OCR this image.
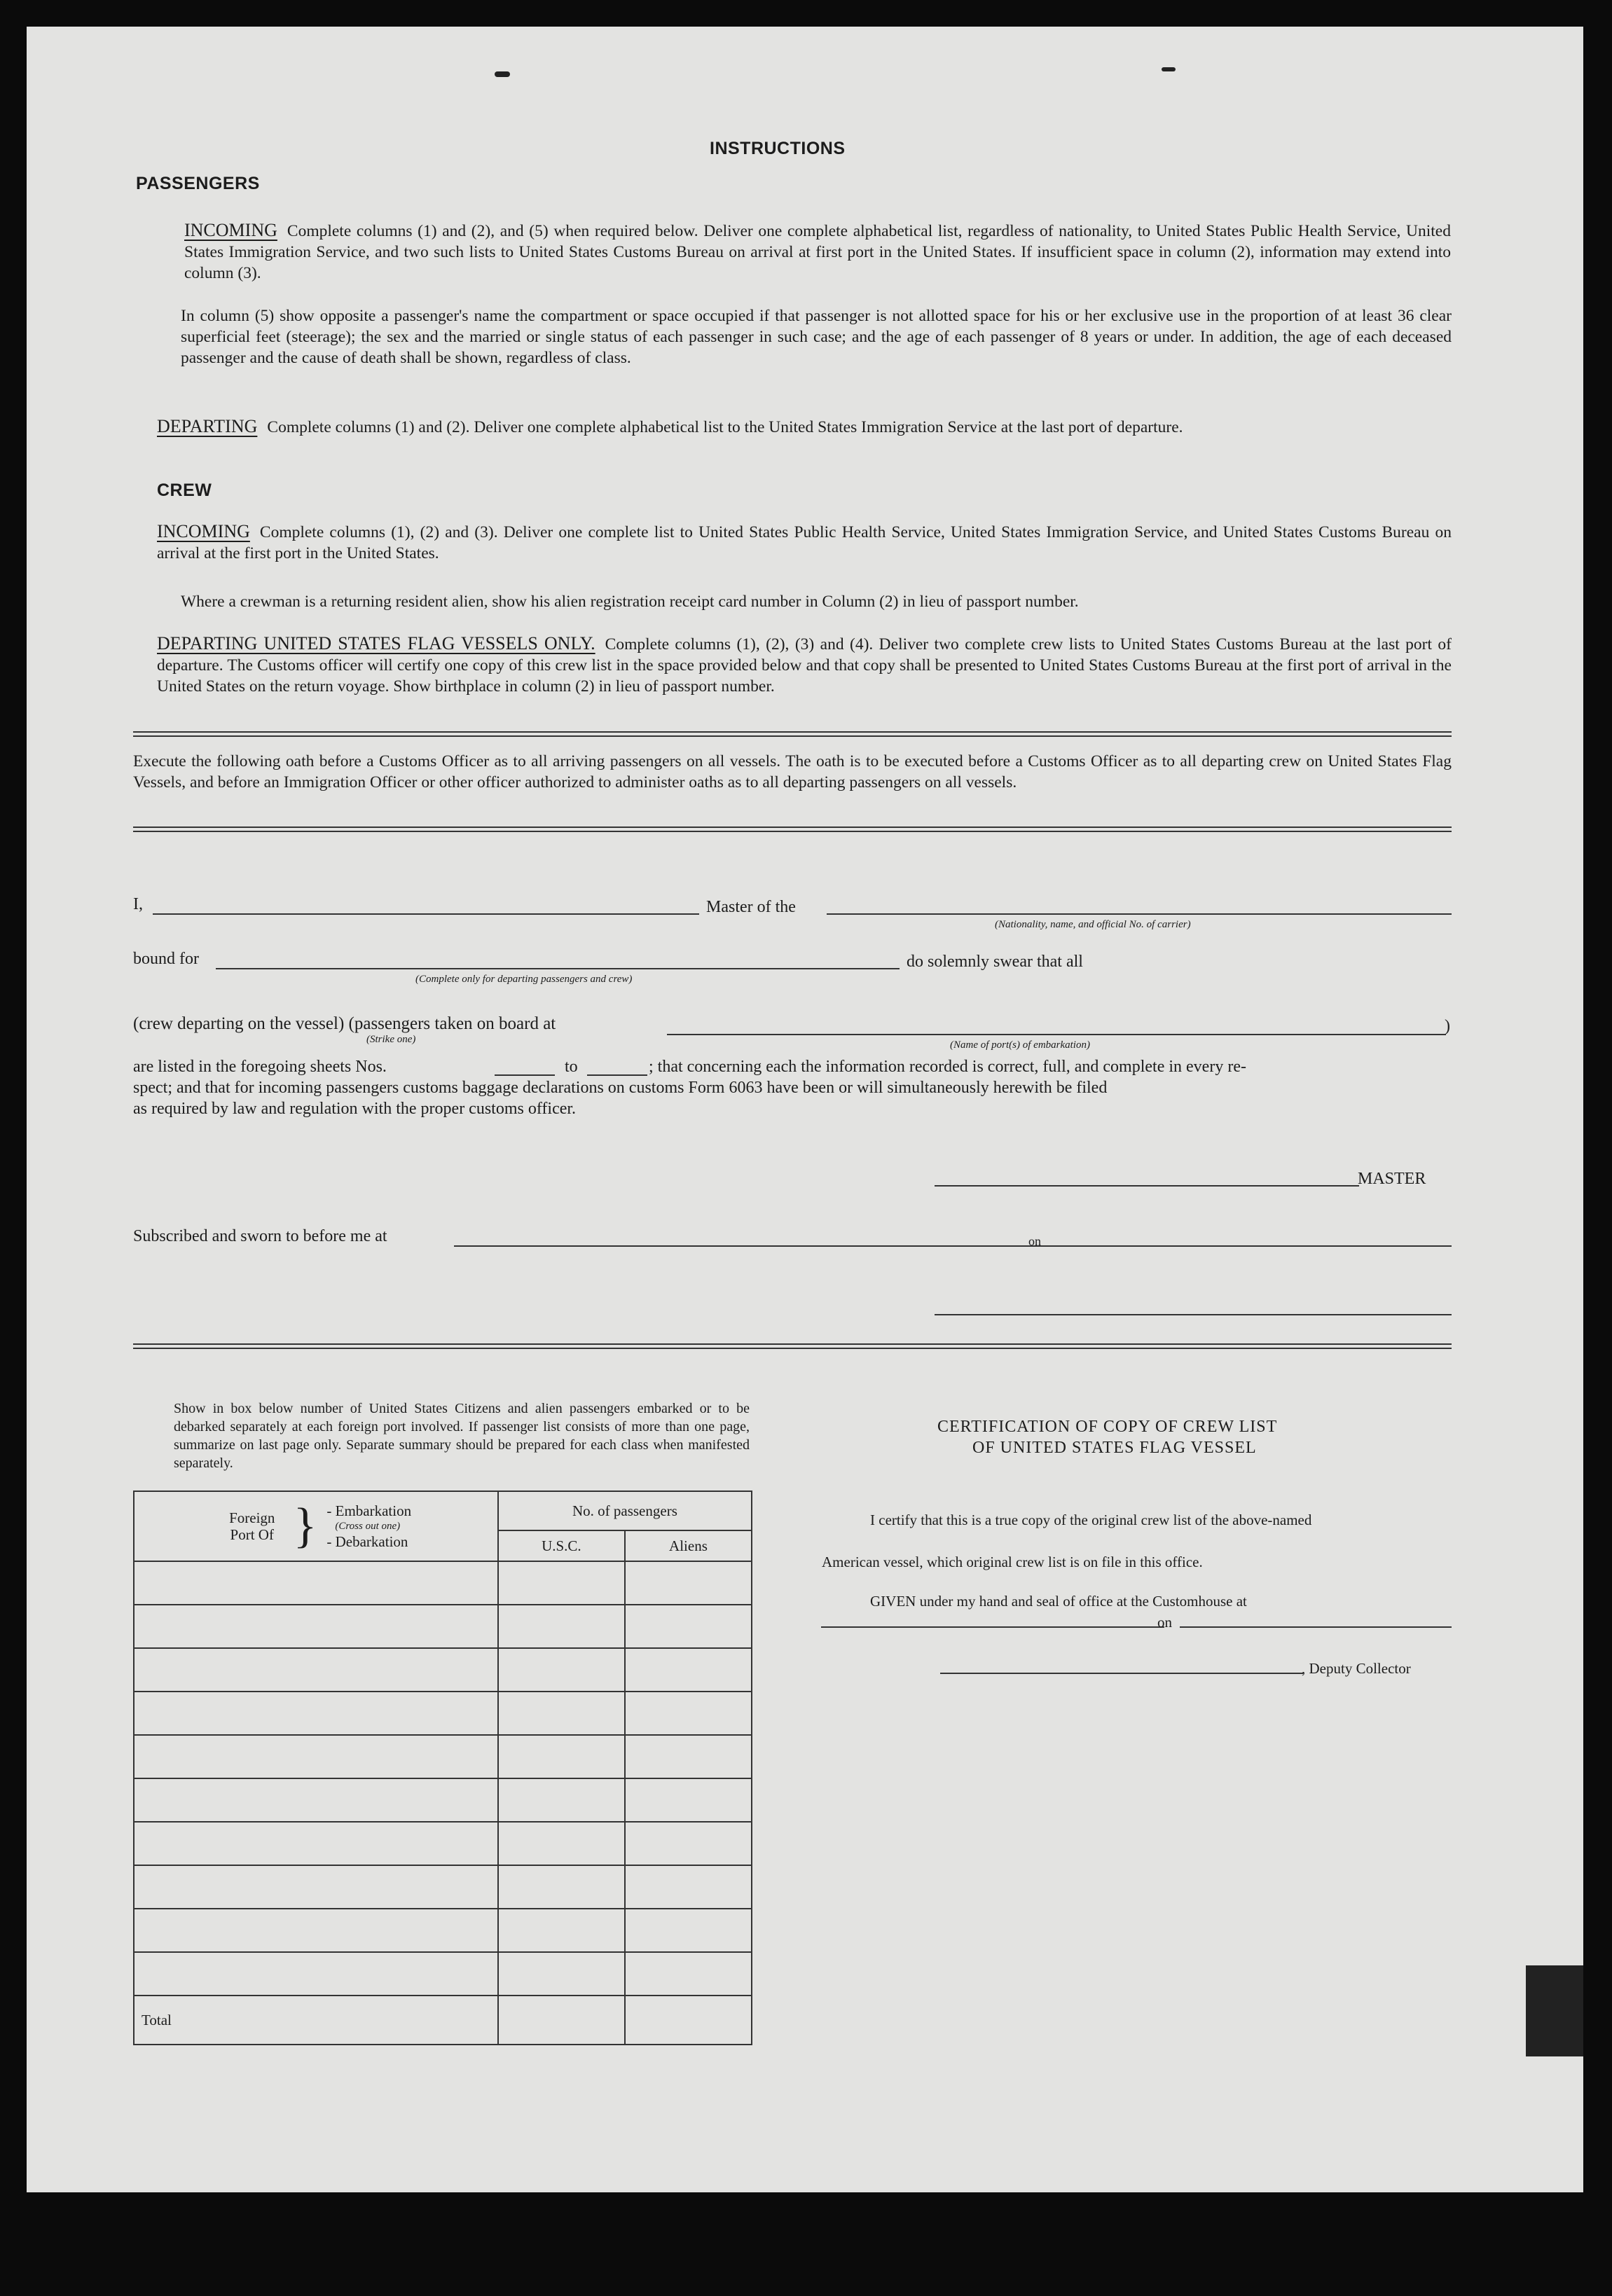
INSTRUCTIONS
PASSENGERS
INCOMING Complete columns (1) and (2), and (5) when required below. Deliver one complete alphabetical list, regardless of nationality, to United States Public Health Service, United States Immigration Service, and two such lists to United States Customs Bureau on arrival at first port in the United States. If insufficient space in column (2), information may extend into column (3).
In column (5) show opposite a passenger's name the compartment or space occupied if that passenger is not allotted space for his or her exclusive use in the proportion of at least 36 clear superficial feet (steerage); the sex and the married or single status of each passenger in such case; and the age of each passenger of 8 years or under. In addition, the age of each deceased passenger and the cause of death shall be shown, regardless of class.
DEPARTING Complete columns (1) and (2). Deliver one complete alphabetical list to the United States Immigration Service at the last port of departure.
CREW
INCOMING Complete columns (1), (2) and (3). Deliver one complete list to United States Public Health Service, United States Immigration Service, and United States Customs Bureau on arrival at the first port in the United States.
Where a crewman is a returning resident alien, show his alien registration receipt card number in Column (2) in lieu of passport number.
DEPARTING UNITED STATES FLAG VESSELS ONLY. Complete columns (1), (2), (3) and (4). Deliver two complete crew lists to United States Customs Bureau at the last port of departure. The Customs officer will certify one copy of this crew list in the space provided below and that copy shall be presented to United States Customs Bureau at the first port of arrival in the United States on the return voyage. Show birthplace in column (2) in lieu of passport number.
Execute the following oath before a Customs Officer as to all arriving passengers on all vessels. The oath is to be executed before a Customs Officer as to all departing crew on United States Flag Vessels, and before an Immigration Officer or other officer authorized to administer oaths as to all departing passengers on all vessels.
I,	Master of the
(Nationality, name, and official No. of carrier)
bound for
(Complete only for departing passengers and crew)
do solemnly swear that all
(crew departing on the vessel) (passengers taken on board at
(Strike one)
)
(Name of port(s) of embarkation)
are listed in the foregoing sheets Nos.	to	; that concerning each the information recorded is correct, full, and complete in every re-
spect; and that for incoming passengers customs baggage declarations on customs Form 6063 have been or will simultaneously herewith be filed
as required by law and regulation with the proper customs officer.
MASTER
Subscribed and sworn to before me at	on
Show in box below number of United States Citizens and alien passengers embarked or to be debarked separately at each foreign port involved. If passenger list consists of more than one page, summarize on last page only. Separate summary should be prepared for each class when manifested separately.
Foreign Port Of } - Embarkation
(Cross out one)
- Debarkation	No. of passengers	
	U.S.C.	Aliens

Total		
CERTIFICATION OF COPY OF CREW LIST
OF UNITED STATES FLAG VESSEL
I certify that this is a true copy of the original crew list of the above-named
American vessel, which original crew list is on file in this office.
GIVEN under my hand and seal of office at the Customhouse at
on
, Deputy Collector
